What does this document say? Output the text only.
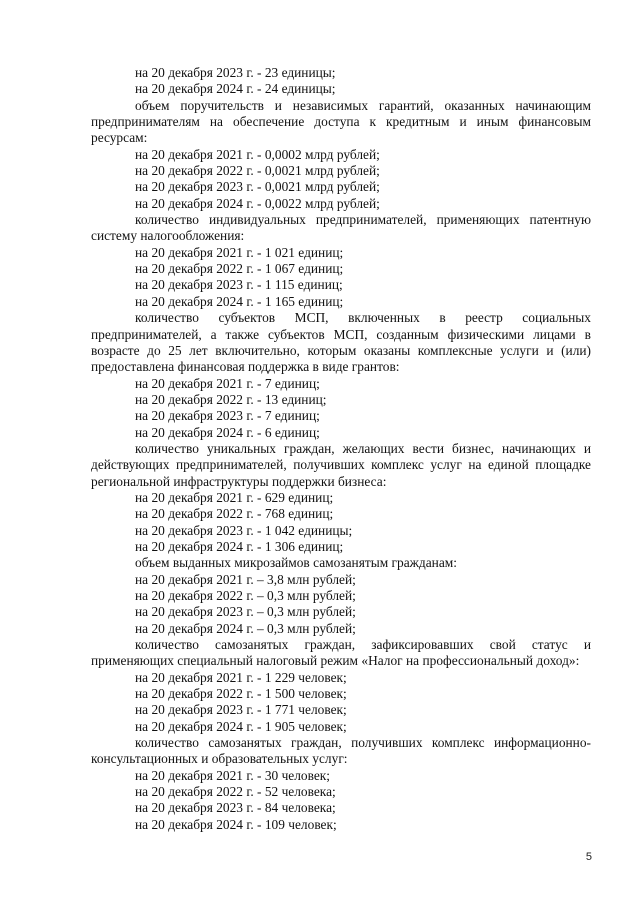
на 20 декабря 2023 г. - 23 единицы;
на 20 декабря 2024 г. - 24 единицы;
объем поручительств и независимых гарантий, оказанных начинающим предпринимателям на обеспечение доступа к кредитным и иным финансовым ресурсам:
на 20 декабря 2021 г. - 0,0002 млрд рублей;
на 20 декабря 2022 г. - 0,0021 млрд рублей;
на 20 декабря 2023 г. - 0,0021 млрд рублей;
на 20 декабря 2024 г. - 0,0022 млрд рублей;
количество индивидуальных предпринимателей, применяющих патентную систему налогообложения:
на 20 декабря 2021 г. - 1 021 единиц;
на 20 декабря 2022 г. - 1 067 единиц;
на 20 декабря 2023 г. - 1 115 единиц;
на 20 декабря 2024 г. - 1 165 единиц;
количество субъектов МСП, включенных в реестр социальных предпринимателей, а также субъектов МСП, созданным физическими лицами в возрасте до 25 лет включительно, которым оказаны комплексные услуги и (или) предоставлена финансовая поддержка в виде грантов:
на 20 декабря 2021 г. - 7 единиц;
на 20 декабря 2022 г. - 13 единиц;
на 20 декабря 2023 г. - 7 единиц;
на 20 декабря 2024 г. - 6 единиц;
количество уникальных граждан, желающих вести бизнес, начинающих и действующих предпринимателей, получивших комплекс услуг на единой площадке региональной инфраструктуры поддержки бизнеса:
на 20 декабря 2021 г. - 629 единиц;
на 20 декабря 2022 г. - 768 единиц;
на 20 декабря 2023 г. - 1 042 единицы;
на 20 декабря 2024 г. - 1 306 единиц;
объем выданных микрозаймов самозанятым гражданам:
на 20 декабря 2021 г. – 3,8 млн рублей;
на 20 декабря 2022 г. – 0,3 млн рублей;
на 20 декабря 2023 г. – 0,3 млн рублей;
на 20 декабря 2024 г. – 0,3 млн рублей;
количество самозанятых граждан, зафиксировавших свой статус и применяющих специальный налоговый режим «Налог на профессиональный доход»:
на 20 декабря 2021 г. - 1 229 человек;
на 20 декабря 2022 г. - 1 500 человек;
на 20 декабря 2023 г. - 1 771 человек;
на 20 декабря 2024 г. - 1 905 человек;
количество самозанятых граждан, получивших комплекс информационно-консультационных и образовательных услуг:
на 20 декабря 2021 г. - 30 человек;
на 20 декабря 2022 г. - 52 человека;
на 20 декабря 2023 г. - 84 человека;
на 20 декабря 2024 г. - 109 человек;
5
